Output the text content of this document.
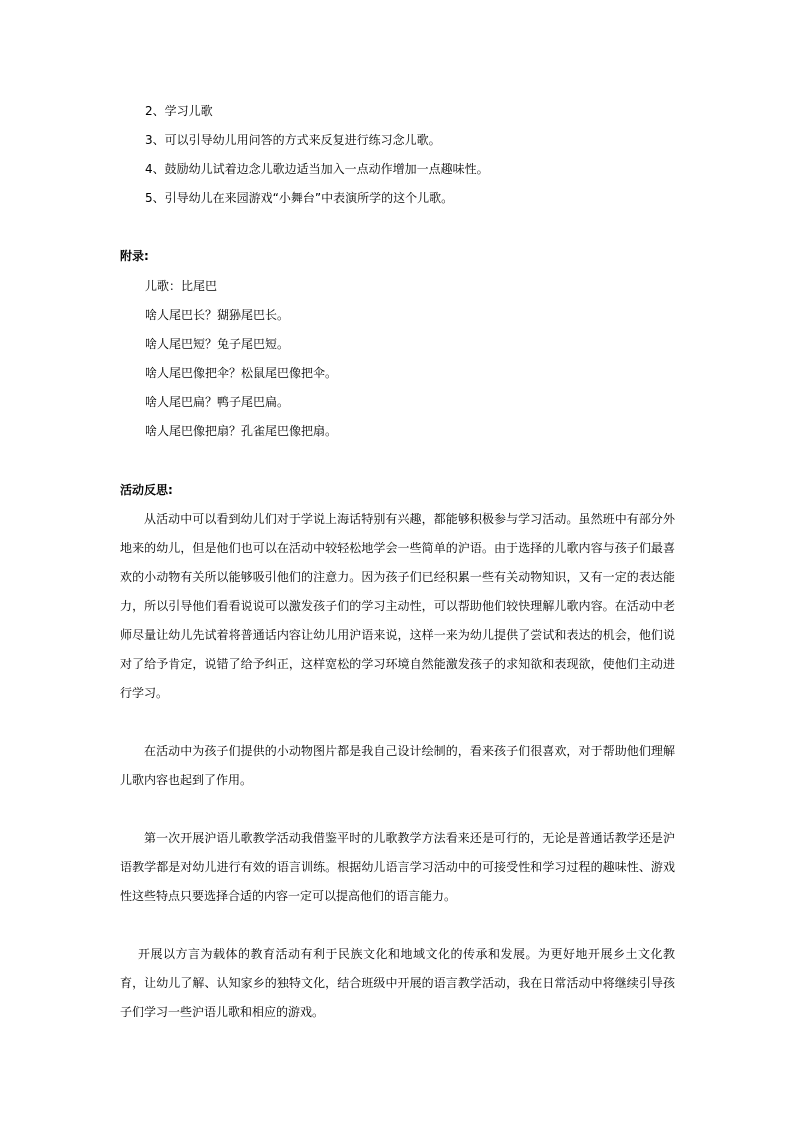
2、学习儿歌
3、可以引导幼儿用问答的方式来反复进行练习念儿歌。
4、鼓励幼儿试着边念儿歌边适当加入一点动作增加一点趣味性。
5、引导幼儿在来园游戏“小舞台”中表演所学的这个儿歌。
附录:
儿歌：比尾巴
啥人尾巴长？猢狲尾巴长。
啥人尾巴短？兔子尾巴短。
啥人尾巴像把伞？松鼠尾巴像把伞。
啥人尾巴扁？鸭子尾巴扁。
啥人尾巴像把扇？孔雀尾巴像把扇。
活动反思:
从活动中可以看到幼儿们对于学说上海话特别有兴趣，都能够积极参与学习活动。虽然班中有部分外地来的幼儿，但是他们也可以在活动中较轻松地学会一些简单的沪语。由于选择的儿歌内容与孩子们最喜欢的小动物有关所以能够吸引他们的注意力。因为孩子们已经积累一些有关动物知识，又有一定的表达能力，所以引导他们看看说说可以激发孩子们的学习主动性，可以帮助他们较快理解儿歌内容。在活动中老师尽量让幼儿先试着将普通话内容让幼儿用沪语来说，这样一来为幼儿提供了尝试和表达的机会，他们说对了给予肯定，说错了给予纠正，这样宽松的学习环境自然能激发孩子的求知欲和表现欲，使他们主动进行学习。
在活动中为孩子们提供的小动物图片都是我自己设计绘制的，看来孩子们很喜欢，对于帮助他们理解儿歌内容也起到了作用。
第一次开展沪语儿歌教学活动我借鉴平时的儿歌教学方法看来还是可行的，无论是普通话教学还是沪语教学都是对幼儿进行有效的语言训练。根据幼儿语言学习活动中的可接受性和学习过程的趣味性、游戏性这些特点只要选择合适的内容一定可以提高他们的语言能力。
开展以方言为载体的教育活动有利于民族文化和地域文化的传承和发展。为更好地开展乡土文化教育，让幼儿了解、认知家乡的独特文化，结合班级中开展的语言教学活动，我在日常活动中将继续引导孩子们学习一些沪语儿歌和相应的游戏。
